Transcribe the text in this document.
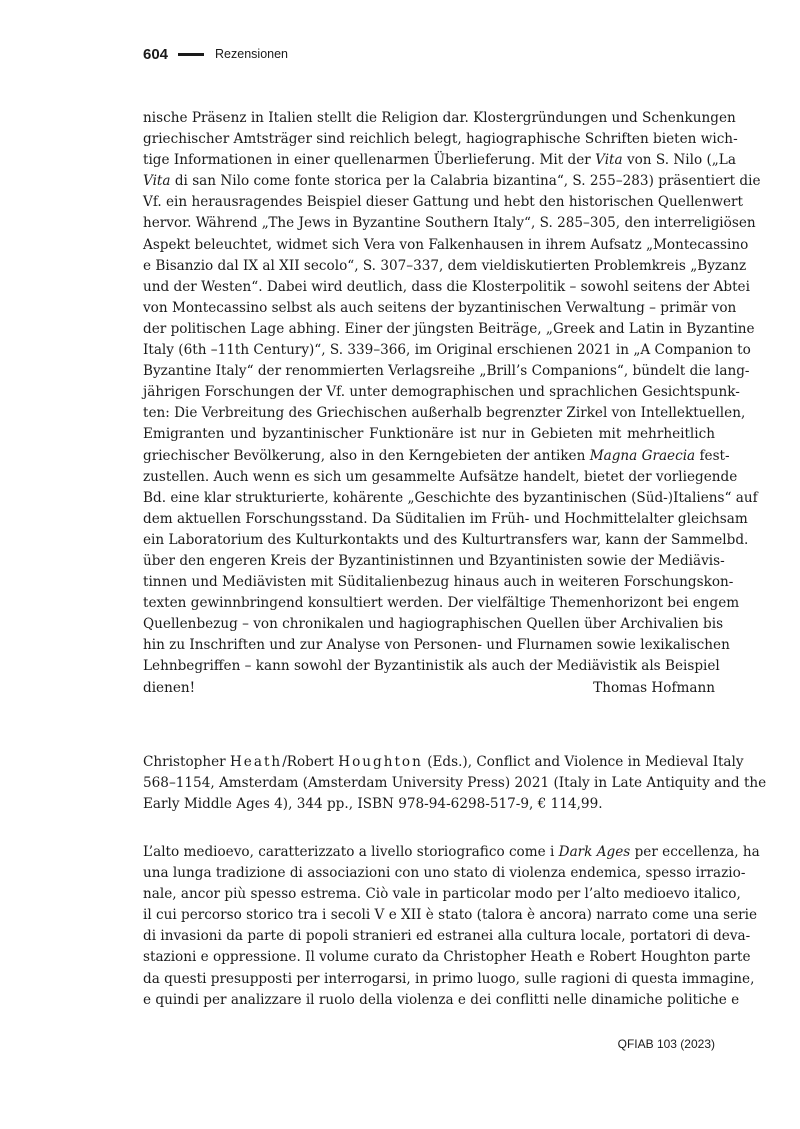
604	Rezensionen
nische Präsenz in Italien stellt die Religion dar. Klostergründungen und Schenkungen
griechischer Amtsträger sind reichlich belegt, hagiographische Schriften bieten wich-
tige Informationen in einer quellenarmen Überlieferung. Mit der Vita von S. Nilo („La
Vita di san Nilo come fonte storica per la Calabria bizantina“, S. 255–283) präsentiert die
Vf. ein herausragendes Beispiel dieser Gattung und hebt den historischen Quellenwert
hervor. Während „The Jews in Byzantine Southern Italy“, S. 285–305, den interreligiösen
Aspekt beleuchtet, widmet sich Vera von Falkenhausen in ihrem Aufsatz „Montecassino
e Bisanzio dal IX al XII secolo“, S. 307–337, dem vieldiskutierten Problemkreis „Byzanz
und der Westen“. Dabei wird deutlich, dass die Klosterpolitik – sowohl seitens der Abtei
von Montecassino selbst als auch seitens der byzantinischen Verwaltung – primär von
der politischen Lage abhing. Einer der jüngsten Beiträge, „Greek and Latin in Byzantine
Italy (6th –11th Century)“, S. 339–366, im Original erschienen 2021 in „A Companion to
Byzantine Italy“ der renommierten Verlagsreihe „Brill’s Companions“, bündelt die lang-
jährigen Forschungen der Vf. unter demographischen und sprachlichen Gesichtspunk-
ten: Die Verbreitung des Griechischen außerhalb begrenzter Zirkel von Intellektuellen,
Emigranten und byzantinischer Funktionäre ist nur in Gebieten mit mehrheitlich
griechischer Bevölkerung, also in den Kerngebieten der antiken Magna Graecia fest-
zustellen. Auch wenn es sich um gesammelte Aufsätze handelt, bietet der vorliegende
Bd. eine klar strukturierte, kohärente „Geschichte des byzantinischen (Süd-)Italiens“ auf
dem aktuellen Forschungsstand. Da Süditalien im Früh- und Hochmittelalter gleichsam
ein Laboratorium des Kulturkontakts und des Kulturtransfers war, kann der Sammelbd.
über den engeren Kreis der Byzantinistinnen und Bzyantinisten sowie der Mediävis-
tinnen und Mediävisten mit Süditalienbezug hinaus auch in weiteren Forschungskon-
texten gewinnbringend konsultiert werden. Der vielfältige Themenhorizont bei engem
Quellenbezug – von chronikalen und hagiographischen Quellen über Archivalien bis
hin zu Inschriften und zur Analyse von Personen- und Flurnamen sowie lexikalischen
Lehnbegriffen – kann sowohl der Byzantinistik als auch der Mediävistik als Beispiel
dienen!	Thomas Hofmann
Christopher Heath/Robert Houghton (Eds.), Conflict and Violence in Medieval Italy
568–1154, Amsterdam (Amsterdam University Press) 2021 (Italy in Late Antiquity and the
Early Middle Ages 4), 344 pp., ISBN 978-94-6298-517-9, € 114,99.
L’alto medioevo, caratterizzato a livello storiografico come i Dark Ages per eccellenza, ha
una lunga tradizione di associazioni con uno stato di violenza endemica, spesso irrazio-
nale, ancor più spesso estrema. Ciò vale in particolar modo per l’alto medioevo italico,
il cui percorso storico tra i secoli V e XII è stato (talora è ancora) narrato come una serie
di invasioni da parte di popoli stranieri ed estranei alla cultura locale, portatori di deva-
stazioni e oppressione. Il volume curato da Christopher Heath e Robert Houghton parte
da questi presupposti per interrogarsi, in primo luogo, sulle ragioni di questa immagine,
e quindi per analizzare il ruolo della violenza e dei conflitti nelle dinamiche politiche e
QFIAB 103 (2023)
